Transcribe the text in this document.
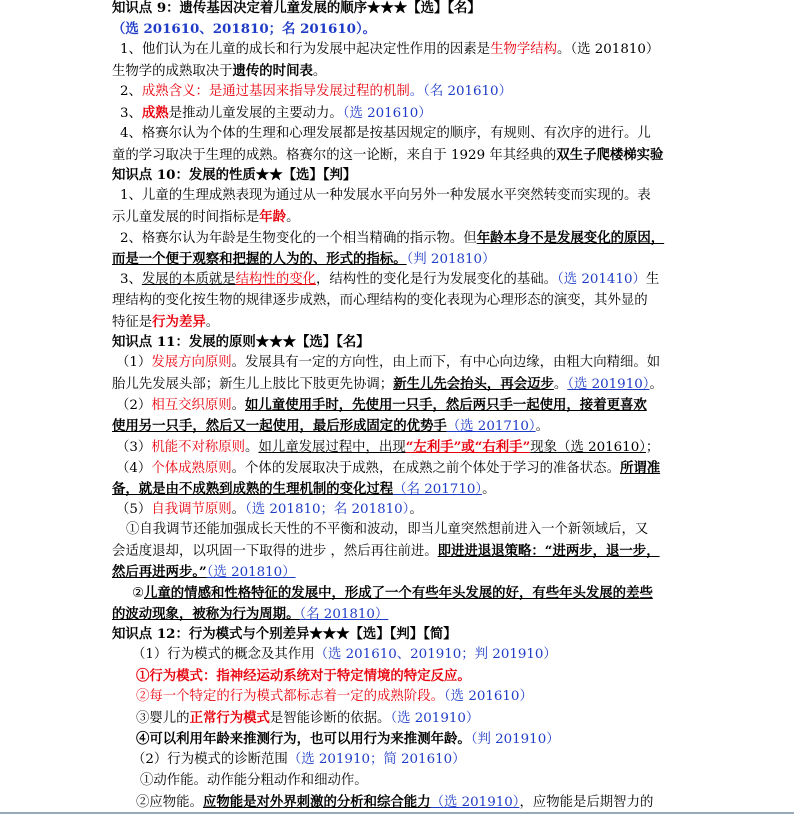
知识点 9：遗传基因决定着儿童发展的顺序★★★【选】【名】
（选 201610、201810；名 201610）。
1、他们认为在儿童的成长和行为发展中起决定性作用的因素是生物学结构。（选 201810）
生物学的成熟取决于遗传的时间表。
2、成熟含义：是通过基因来指导发展过程的机制。（名 201610）
3、成熟是推动儿童发展的主要动力。（选 201610）
4、格赛尔认为个体的生理和心理发展都是按基因规定的顺序，有规则、有次序的进行。儿
童的学习取决于生理的成熟。格赛尔的这一论断，来自于 1929 年其经典的双生子爬楼梯实验
知识点 10：发展的性质★★【选】【判】
1、儿童的生理成熟表现为通过从一种发展水平向另外一种发展水平突然转变而实现的。表
示儿童发展的时间指标是年龄。
2、格赛尔认为年龄是生物变化的一个相当精确的指示物。但年龄本身不是发展变化的原因，
而是一个便于观察和把握的人为的、形式的指标。（判 201810）
3、发展的本质就是结构性的变化，结构性的变化是行为发展变化的基础。（选 201410）生
理结构的变化按生物的规律逐步成熟，而心理结构的变化表现为心理形态的演变，其外显的
特征是行为差异。
知识点 11：发展的原则★★★【选】【名】
（1）发展方向原则。发展具有一定的方向性，由上而下，有中心向边缘，由粗大向精细。如
胎儿先发展头部；新生儿上肢比下肢更先协调；新生儿先会抬头，再会迈步。（选 201910）。
（2）相互交织原则。如儿童使用手时，先使用一只手，然后两只手一起使用，接着更喜欢
使用另一只手，然后又一起使用，最后形成固定的优势手（选 201710）。
（3）机能不对称原则。如儿童发展过程中，出现“左利手”或“右利手”现象（选 201610）；
（4）个体成熟原则。个体的发展取决于成熟，在成熟之前个体处于学习的准备状态。所谓准
备，就是由不成熟到成熟的生理机制的变化过程（名 201710）。
（5）自我调节原则。（选 201810；名 201810）。
①自我调节还能加强成长天性的不平衡和波动，即当儿童突然想前进入一个新领域后，又
会适度退却，以巩固一下取得的进步 ，然后再往前进。即进进退退策略：“进两步，退一步，
然后再进两步。”（选 201810）
②儿童的情感和性格特征的发展中，形成了一个有些年头发展的好，有些年头发展的差些
的波动现象，被称为行为周期。（名 201810）
知识点 12：行为模式与个别差异★★★【选】【判】【简】
（1）行为模式的概念及其作用（选 201610、201910；判 201910）
①行为模式：指神经运动系统对于特定情境的特定反应。
②每一个特定的行为模式都标志着一定的成熟阶段。（选 201610）
③婴儿的正常行为模式是智能诊断的依据。（选 201910）
④可以利用年龄来推测行为，也可以用行为来推测年龄。（判 201910）
（2）行为模式的诊断范围（选 201910；简 201610）
①动作能。动作能分粗动作和细动作。
②应物能。应物能是对外界刺激的分析和综合能力（选 201910），应物能是后期智力的
